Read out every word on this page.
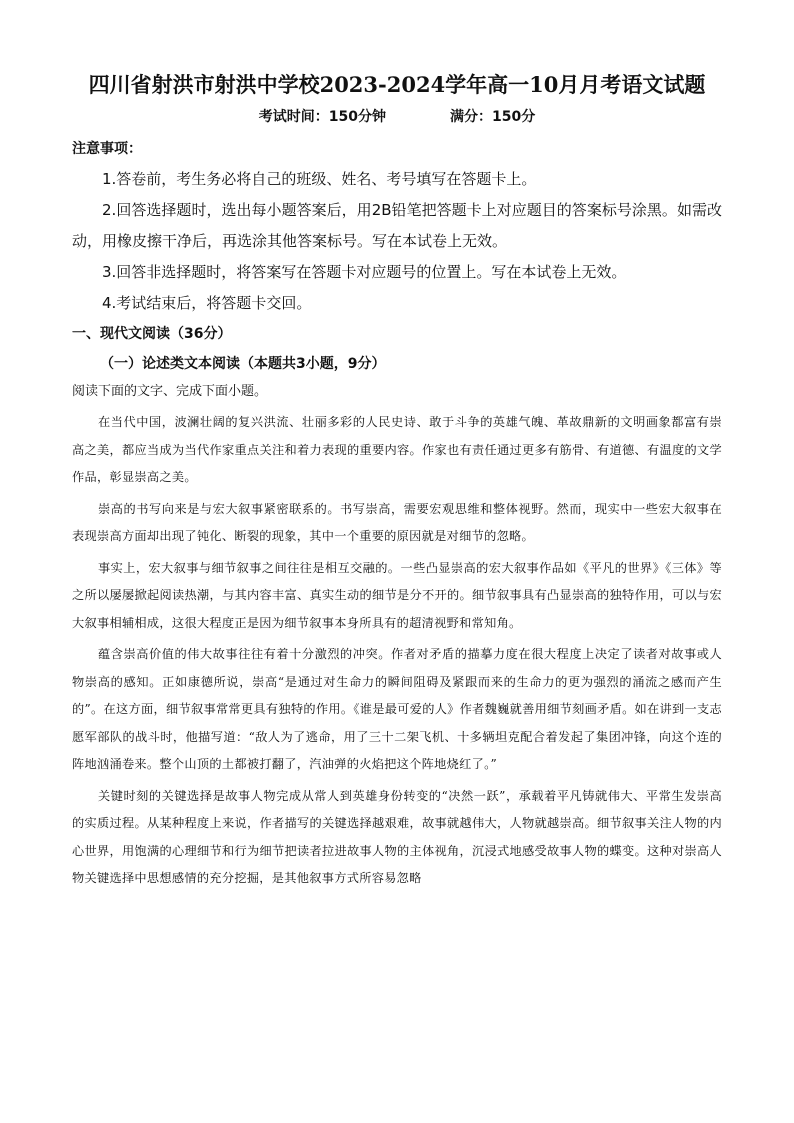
四川省射洪市射洪中学校2023-2024学年高一10月月考语文试题
考试时间：150分钟	满分：150分
注意事项：
1.答卷前，考生务必将自己的班级、姓名、考号填写在答题卡上。
2.回答选择题时，选出每小题答案后，用2B铅笔把答题卡上对应题目的答案标号涂黑。如需改动，用橡皮擦干净后，再选涂其他答案标号。写在本试卷上无效。
3.回答非选择题时，将答案写在答题卡对应题号的位置上。写在本试卷上无效。
4.考试结束后，将答题卡交回。
一、现代文阅读（36分）
（一）论述类文本阅读（本题共3小题，9分）
阅读下面的文字、完成下面小题。

在当代中国，波澜壮阔的复兴洪流、壮丽多彩的人民史诗、敢于斗争的英雄气魄、革故鼎新的文明画象都富有崇高之美，都应当成为当代作家重点关注和着力表现的重要内容。作家也有责任通过更多有筋骨、有道德、有温度的文学作品，彰显崇高之美。

崇高的书写向来是与宏大叙事紧密联系的。书写崇高，需要宏观思维和整体视野。然而，现实中一些宏大叙事在表现崇高方面却出现了钝化、断裂的现象，其中一个重要的原因就是对细节的忽略。

事实上，宏大叙事与细节叙事之间往往是相互交融的。一些凸显崇高的宏大叙事作品如《平凡的世界》《三体》等之所以屡屡掀起阅读热潮，与其内容丰富、真实生动的细节是分不开的。细节叙事具有凸显崇高的独特作用，可以与宏大叙事相辅相成，这很大程度正是因为细节叙事本身所具有的超清视野和常知角。

蕴含崇高价值的伟大故事往往有着十分激烈的冲突。作者对矛盾的描摹力度在很大程度上决定了读者对故事或人物崇高的感知。正如康德所说，崇高“是通过对生命力的瞬间阻碍及紧跟而来的生命力的更为强烈的涌流之感而产生的”。在这方面，细节叙事常常更具有独特的作用。《谁是最可爱的人》作者魏巍就善用细节刻画矛盾。如在讲到一支志愿军部队的战斗时，他描写道：“敌人为了逃命，用了三十二架飞机、十多辆坦克配合着发起了集团冲锋，向这个连的阵地汹涌卷来。整个山顶的土都被打翻了，汽油弹的火焰把这个阵地烧红了。”

关键时刻的关键选择是故事人物完成从常人到英雄身份转变的“决然一跃”，承载着平凡铸就伟大、平常生发崇高的实质过程。从某种程度上来说，作者描写的关键选择越艰难，故事就越伟大，人物就越崇高。细节叙事关注人物的内心世界，用饱满的心理细节和行为细节把读者拉进故事人物的主体视角，沉浸式地感受故事人物的蝶变。这种对崇高人物关键选择中思想感情的充分挖掘，是其他叙事方式所容易忽略
